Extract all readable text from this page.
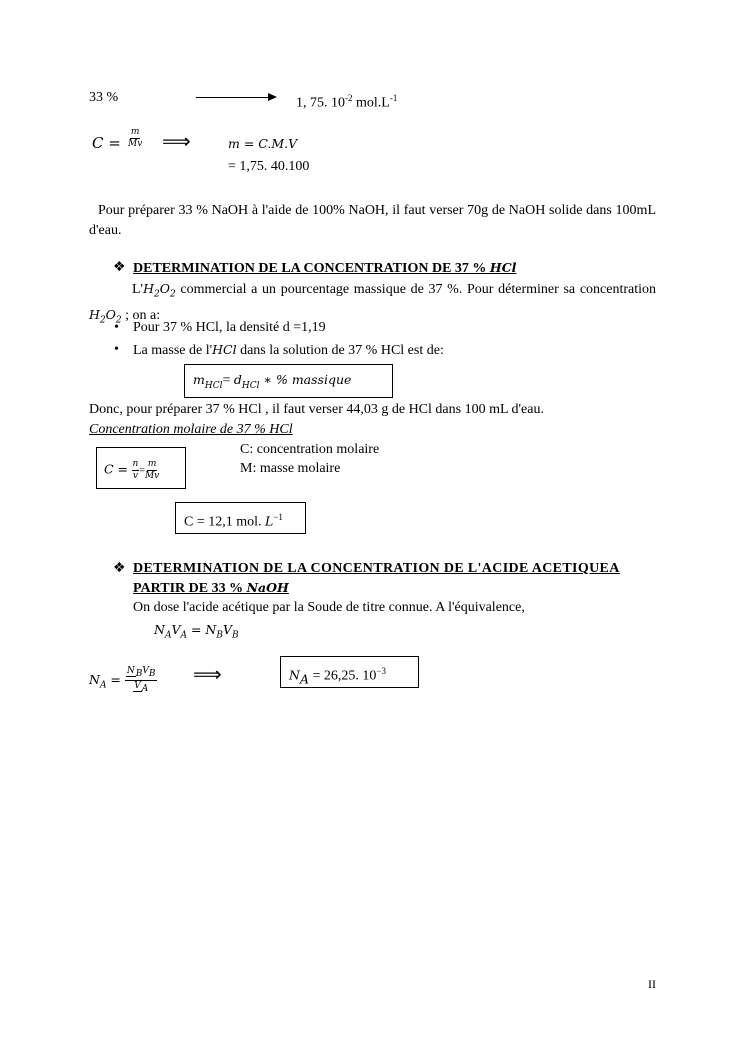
33 %	1, 75. $10^{-2}$ $mol.L^{-1}$
$C = \frac{m}{Mv}$ ⟹	m = C.M.V
= 1,75. 40.100
Pour préparer 33 % NaOH à l'aide de 100% NaOH, il faut verser 70g de NaOH solide dans 100mL d'eau.
❖ DETERMINATION DE LA CONCENTRATION DE 37 % HCl
$L'H_2O_2$ commercial a un pourcentage massique de 37 %. Pour déterminer sa concentration $H_2O_2$ ; on a:
• Pour 37 % HCl, la densité d =1,19
• La masse de l'HCl dans la solution de 37 % HCl est de:
$m_{HCl}= d_{HCl}$ ∗ % massique
Donc, pour préparer 37 % HCl , il faut verser 44,03 g de HCl dans 100 mL d'eau.
Concentration molaire de 37 % HCl
$C = \frac{n}{v} = \frac{m}{Mv}$
C: concentration molaire
M: masse molaire
C = 12,1 mol. $L^{-1}$
❖ DETERMINATION DE LA CONCENTRATION DE L'ACIDE ACETIQUEA
PARTIR DE 33 % NaOH
On dose l'acide acétique par la Soude de titre connue. A l'équivalence,
$N_AV_A = N_BV_B$
$N_A = \frac{N_BV_B}{V_A}$ ⟹	$N_A = 26,25$. $10^{-3}$
II
